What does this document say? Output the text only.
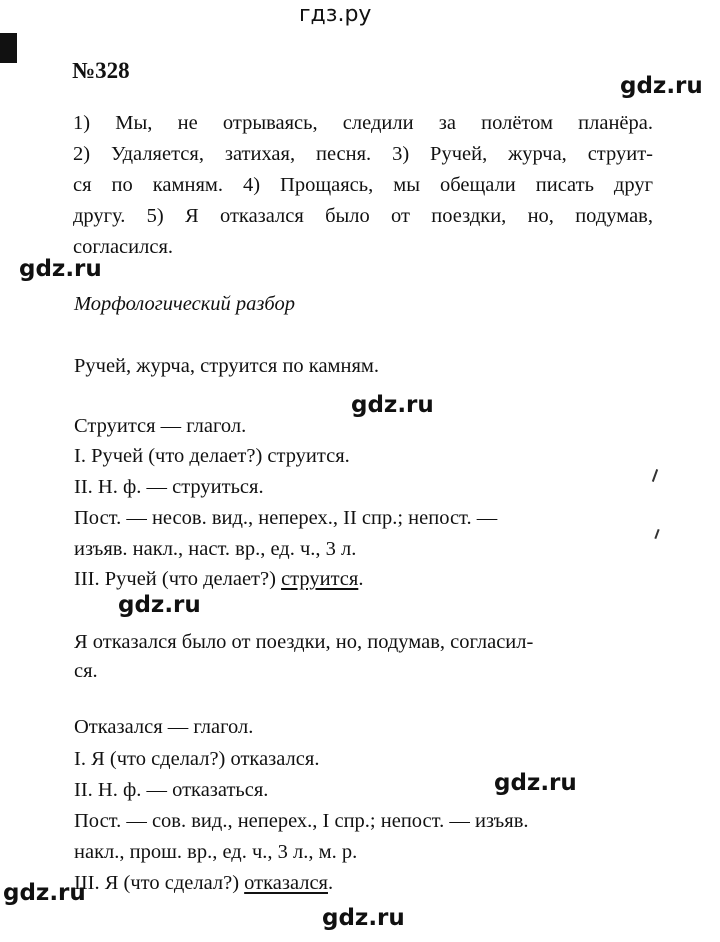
гдз.ру
№328
gdz.ru
1) Мы, не отрываясь, следили за полётом планёра.
2) Удаляется, затихая, песня. 3) Ручей, журча, струит-
ся по камням. 4) Прощаясь, мы обещали писать друг
другу. 5) Я отказался было от поездки, но, подумав,
согласился.
gdz.ru
Морфологический разбор
Ручей, журча, струится по камням.
gdz.ru
Струится — глагол.
I. Ручей (что делает?) струится.
II. Н. ф. — струиться.
Пост. — несов. вид., неперех., II спр.; непост. —
изъяв. накл., наст. вр., ед. ч., 3 л.
III. Ручей (что делает?) струится.
gdz.ru
Я отказался было от поездки, но, подумав, согласил-
ся.
Отказался — глагол.
I. Я (что сделал?) отказался.
gdz.ru
II. Н. ф. — отказаться.
Пост. — сов. вид., неперех., I спр.; непост. — изъяв.
накл., прош. вр., ед. ч., 3 л., м. р.
III. Я (что сделал?) отказался.
gdz.ru
gdz.ru
